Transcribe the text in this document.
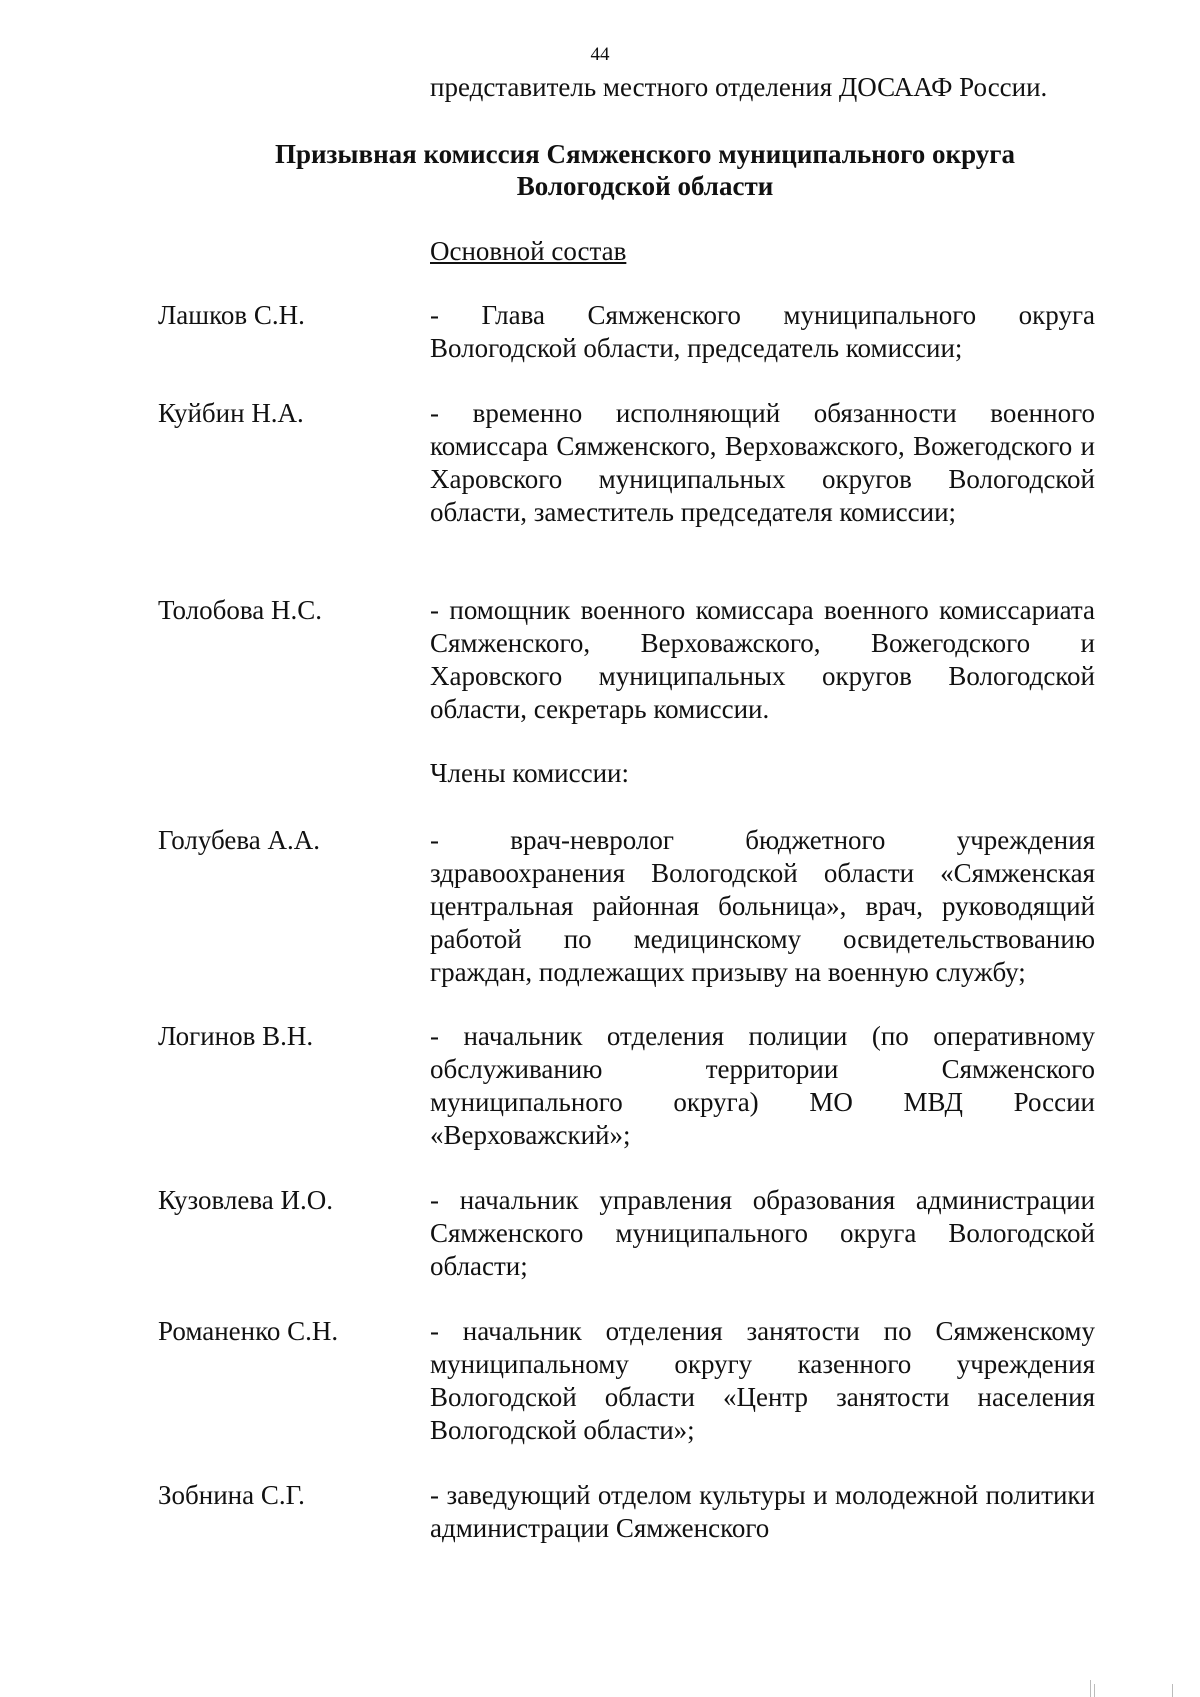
44
представитель местного отделения ДОСААФ России.
Призывная комиссия Сямженского муниципального округа
Вологодской области
Основной состав
Лашков С.Н.	- Глава Сямженского муниципального округа Вологодской области, председатель комиссии;
Куйбин Н.А.	- временно исполняющий обязанности военного комиссара Сямженского, Верховажского, Вожегодского и Харовского муниципальных округов Вологодской области, заместитель председателя комиссии;
Толобова Н.С.	- помощник военного комиссара военного комиссариата Сямженского, Верховажского, Вожегодского и Харовского муниципальных округов Вологодской области, секретарь комиссии.
Члены комиссии:
Голубева А.А.	- врач-невролог бюджетного учреждения здравоохранения Вологодской области «Сямженская центральная районная больница», врач, руководящий работой по медицинскому освидетельствованию граждан, подлежащих призыву на военную службу;
Логинов В.Н.	- начальник отделения полиции (по оперативному обслуживанию территории Сямженского муниципального округа) МО МВД России «Верховажский»;
Кузовлева И.О.	- начальник управления образования администрации Сямженского муниципального округа Вологодской области;
Романенко С.Н.	- начальник отделения занятости по Сямженскому муниципальному округу казенного учреждения Вологодской области «Центр занятости населения Вологодской области»;
Зобнина С.Г.	- заведующий отделом культуры и молодежной политики администрации Сямженского
